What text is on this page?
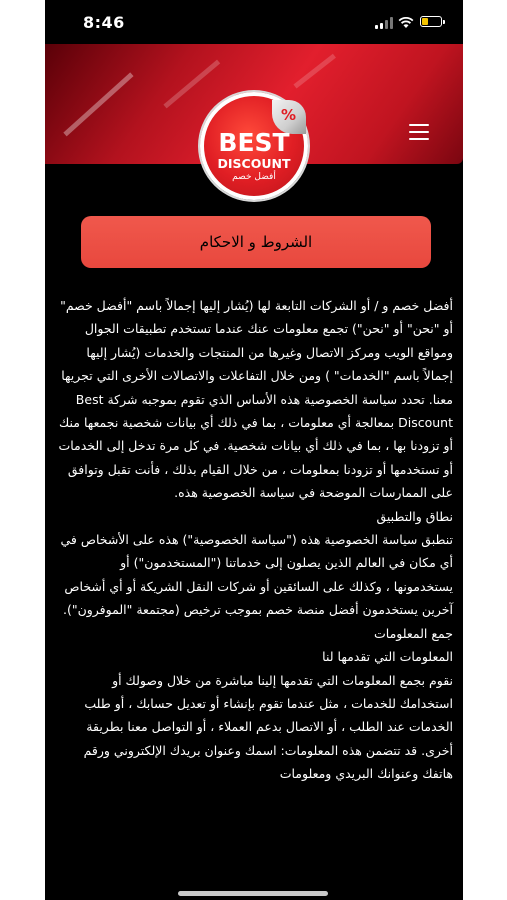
8:46
%
BEST
DISCOUNT
أفضل خصم
الشروط و الاحكام

أفضل خصم و / أو الشركات التابعة لها (يُشار إليها إجمالاً باسم "أفضل خصم" أو "نحن" أو "نحن") تجمع معلومات عنك عندما تستخدم تطبيقات الجوال ومواقع الويب ومركز الاتصال وغيرها من المنتجات والخدمات (يُشار إليها إجمالاً باسم "الخدمات" ) ومن خلال التفاعلات والاتصالات الأخرى التي تجريها معنا. تحدد سياسة الخصوصية هذه الأساس الذي تقوم بموجبه شركة Best Discount بمعالجة أي معلومات ، بما في ذلك أي بيانات شخصية نجمعها منك أو تزودنا بها ، بما في ذلك أي بيانات شخصية. في كل مرة تدخل إلى الخدمات أو تستخدمها أو تزودنا بمعلومات ، من خلال القيام بذلك ، فأنت تقبل وتوافق على الممارسات الموضحة في سياسة الخصوصية هذه.

نطاق والتطبيق

تنطبق سياسة الخصوصية هذه ("سياسة الخصوصية") هذه على الأشخاص في أي مكان في العالم الذين يصلون إلى خدماتنا ("المستخدمون") أو يستخدمونها ، وكذلك على السائقين أو شركات النقل الشريكة أو أي أشخاص آخرين يستخدمون أفضل منصة خصم بموجب ترخيص (مجتمعة "الموفرون").

جمع المعلومات

المعلومات التي تقدمها لنا

نقوم بجمع المعلومات التي تقدمها إلينا مباشرة من خلال وصولك أو استخدامك للخدمات ، مثل عندما تقوم بإنشاء أو تعديل حسابك ، أو طلب الخدمات عند الطلب ، أو الاتصال بدعم العملاء ، أو التواصل معنا بطريقة أخرى. قد تتضمن هذه المعلومات: اسمك وعنوان بريدك الإلكتروني ورقم هاتفك وعنوانك البريدي ومعلومات
